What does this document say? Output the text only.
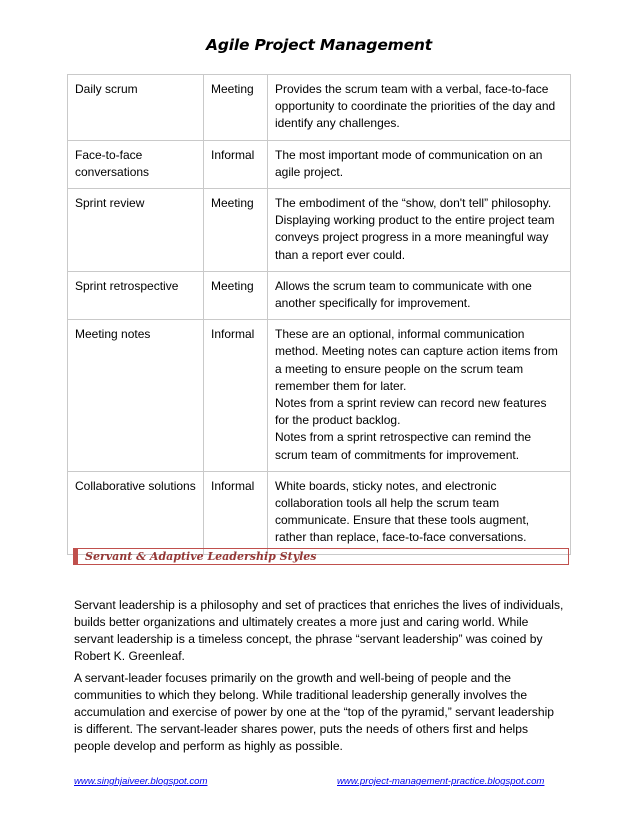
Agile Project Management
Daily scrum	Meeting	Provides the scrum team with a verbal, face-to-face opportunity to coordinate the priorities of the day and identify any challenges.

Face-to-face conversations	Informal	The most important mode of communication on an agile project.

Sprint review	Meeting	The embodiment of the “show, don't tell” philosophy. Displaying working product to the entire project team conveys project progress in a more meaningful way than a report ever could.

Sprint retrospective	Meeting	Allows the scrum team to communicate with one another specifically for improvement.

Meeting notes	Informal	These are an optional, informal communication method. Meeting notes can capture action items from a meeting to ensure people on the scrum team remember them for later.
Notes from a sprint review can record new features for the product backlog.
Notes from a sprint retrospective can remind the scrum team of commitments for improvement.

Collaborative solutions	Informal	White boards, sticky notes, and electronic collaboration tools all help the scrum team communicate. Ensure that these tools augment, rather than replace, face-to-face conversations.
Servant & Adaptive Leadership Styles

Servant leadership is a philosophy and set of practices that enriches the lives of individuals, builds better organizations and ultimately creates a more just and caring world. While servant leadership is a timeless concept, the phrase “servant leadership” was coined by Robert K. Greenleaf.

A servant-leader focuses primarily on the growth and well-being of people and the communities to which they belong. While traditional leadership generally involves the accumulation and exercise of power by one at the “top of the pyramid,” servant leadership is different. The servant-leader shares power, puts the needs of others first and helps people develop and perform as highly as possible.

www.singhjaiveer.blogspot.com	www.project-management-practice.blogspot.com
